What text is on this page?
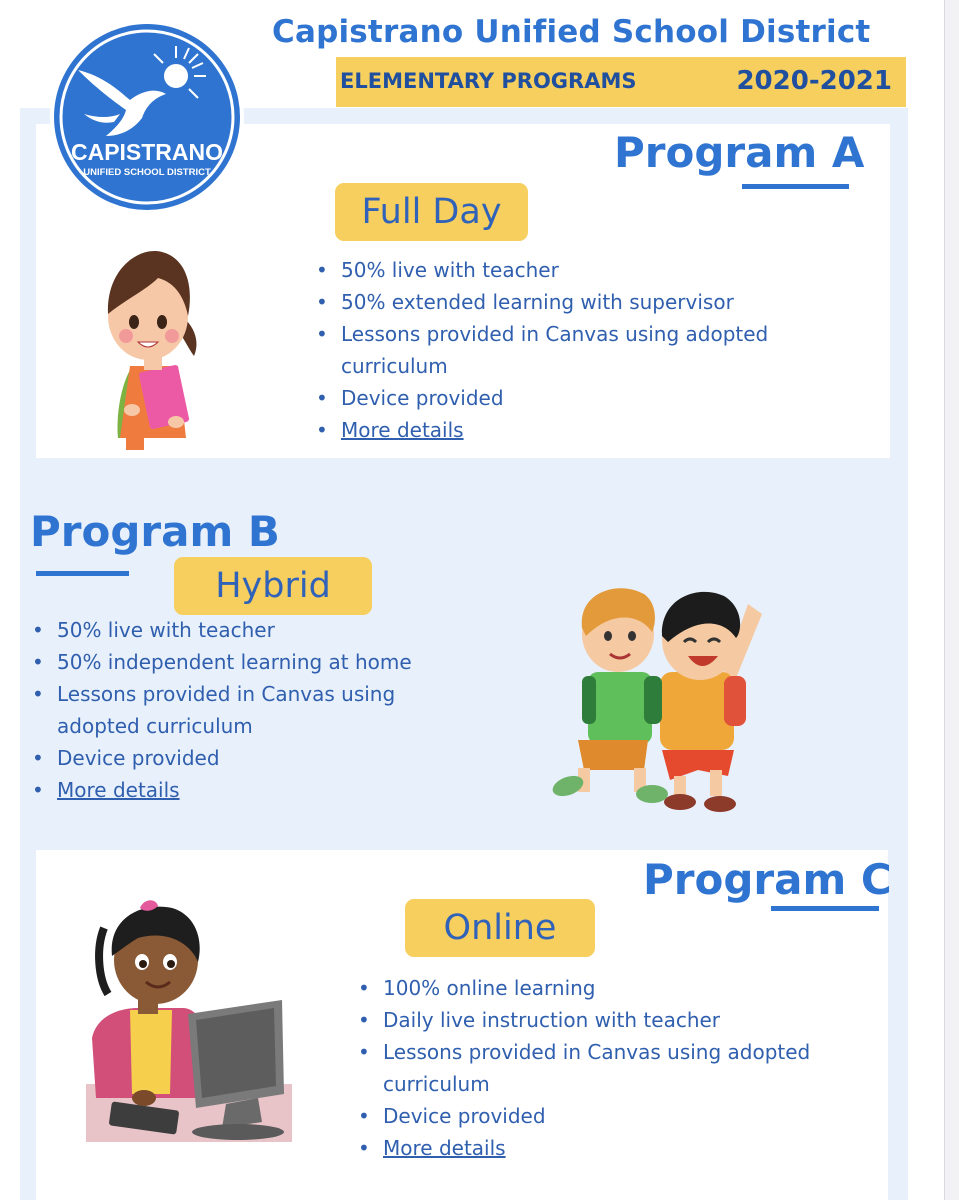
Capistrano Unified School District
ELEMENTARY PROGRAMS	2020-2021
CAPISTRANO
UNIFIED SCHOOL DISTRICT	Program A
Full Day
• 50% live with teacher
• 50% extended learning with supervisor
• Lessons provided in Canvas using adopted curriculum
• Device provided
• More details
Program B
Hybrid
• 50% live with teacher
• 50% independent learning at home
• Lessons provided in Canvas using adopted curriculum
• Device provided
• More details
Program C
Online
• 100% online learning
• Daily live instruction with teacher
• Lessons provided in Canvas using adopted curriculum
• Device provided
• More details
